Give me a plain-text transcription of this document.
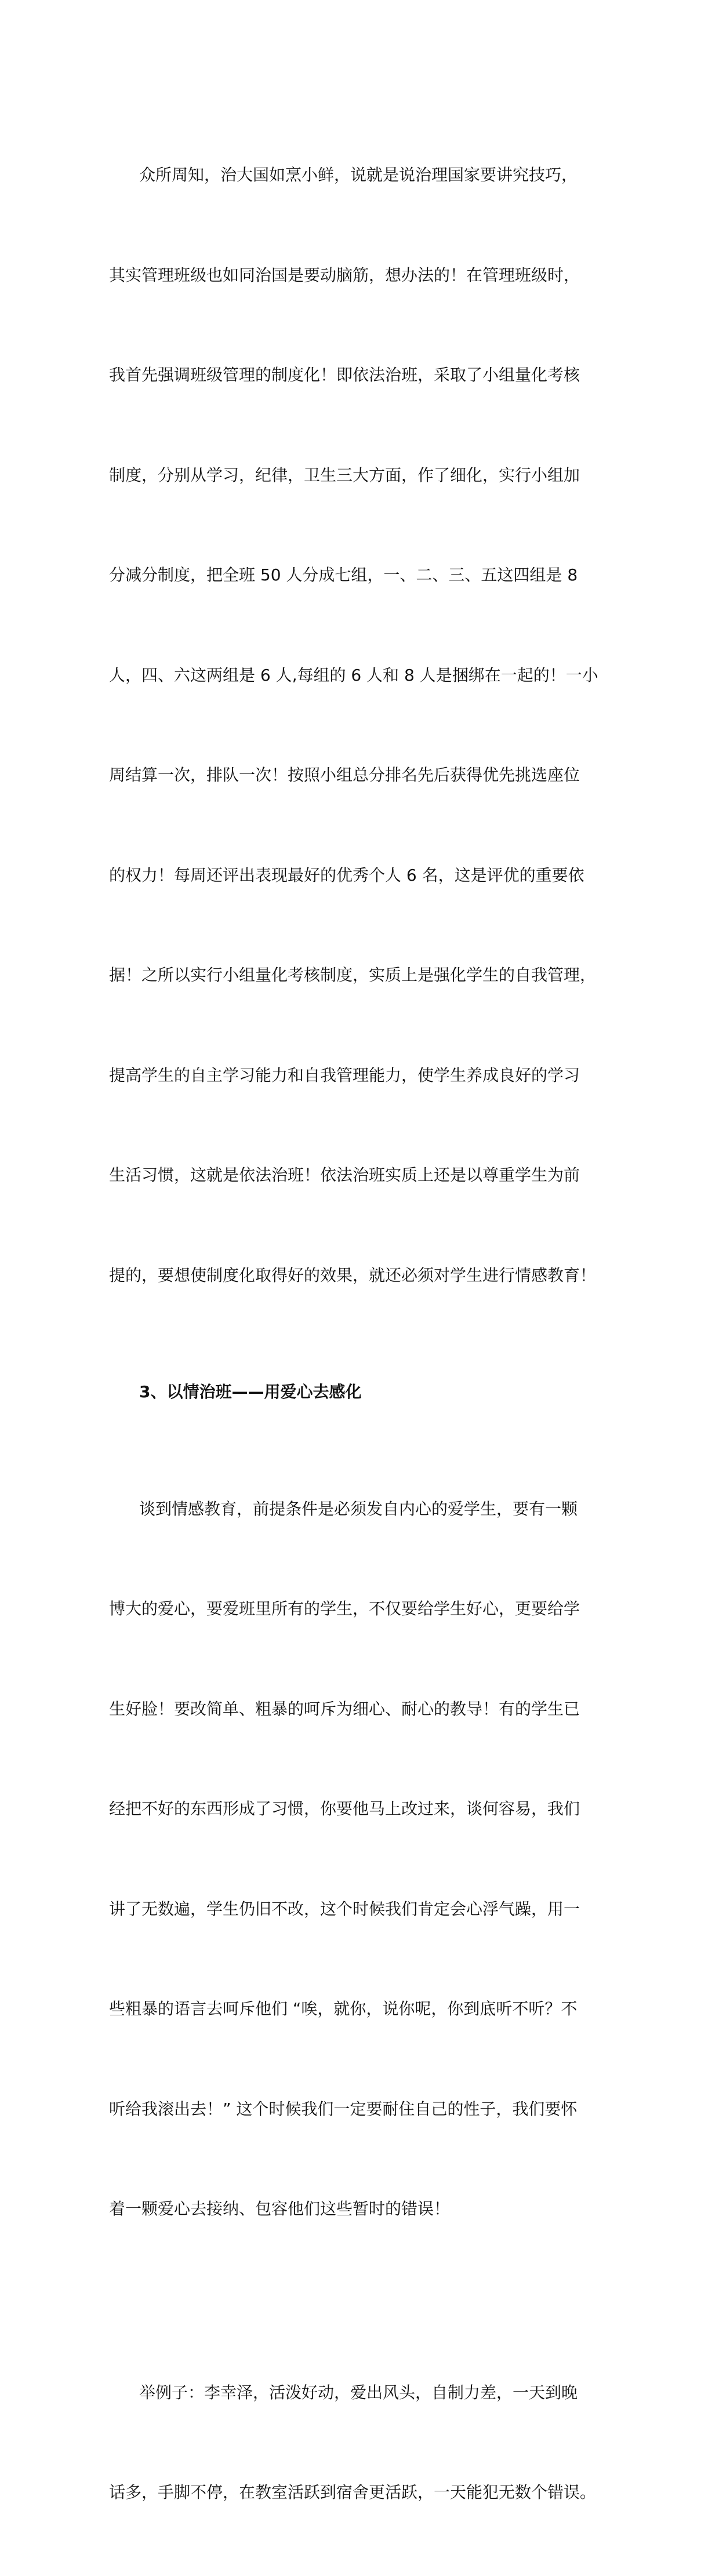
众所周知，治大国如烹小鲜，说就是说治理国家要讲究技巧，

其实管理班级也如同治国是要动脑筋，想办法的！在管理班级时，

我首先强调班级管理的制度化！即依法治班，采取了小组量化考核

制度，分别从学习，纪律，卫生三大方面，作了细化，实行小组加

分减分制度，把全班 50 人分成七组，一、二、三、五这四组是 8

人，四、六这两组是 6 人,每组的 6 人和 8 人是捆绑在一起的！一小

周结算一次，排队一次！按照小组总分排名先后获得优先挑选座位

的权力！每周还评出表现最好的优秀个人 6 名，这是评优的重要依

据！之所以实行小组量化考核制度，实质上是强化学生的自我管理，

提高学生的自主学习能力和自我管理能力，使学生养成良好的学习

生活习惯，这就是依法治班！依法治班实质上还是以尊重学生为前

提的，要想使制度化取得好的效果，就还必须对学生进行情感教育！

3、以情治班——用爱心去感化

谈到情感教育，前提条件是必须发自内心的爱学生，要有一颗

博大的爱心，要爱班里所有的学生，不仅要给学生好心，更要给学

生好脸！要改简单、粗暴的呵斥为细心、耐心的教导！有的学生已

经把不好的东西形成了习惯，你要他马上改过来，谈何容易，我们

讲了无数遍，学生仍旧不改，这个时候我们肯定会心浮气躁，用一

些粗暴的语言去呵斥他们 “唉，就你，说你呢，你到底听不听？不

听给我滚出去！” 这个时候我们一定要耐住自己的性子，我们要怀

着一颗爱心去接纳、包容他们这些暂时的错误！

举例子：李幸泽，活泼好动，爱出风头，自制力差，一天到晚

话多，手脚不停，在教室活跃到宿舍更活跃，一天能犯无数个错误。
